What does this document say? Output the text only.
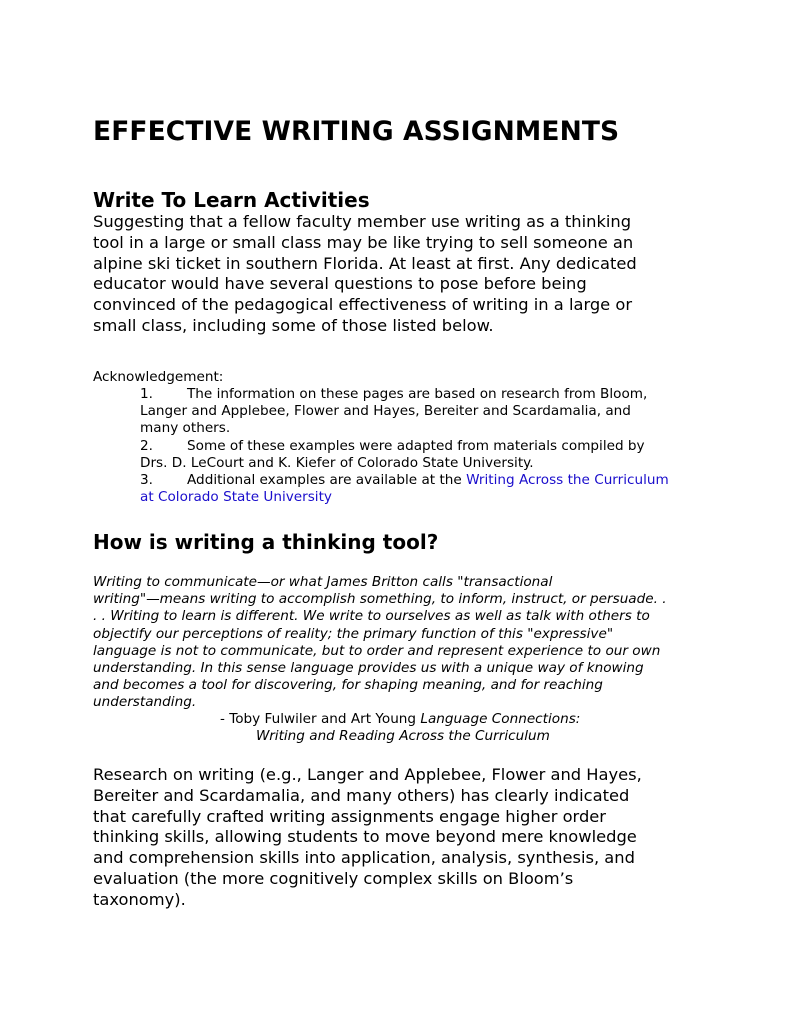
EFFECTIVE WRITING ASSIGNMENTS
Write To Learn Activities
Suggesting that a fellow faculty member use writing as a thinking
tool in a large or small class may be like trying to sell someone an
alpine ski ticket in southern Florida. At least at first. Any dedicated
educator would have several questions to pose before being
convinced of the pedagogical effectiveness of writing in a large or
small class, including some of those listed below.
Acknowledgement:
1.	The information on these pages are based on research from Bloom,
Langer and Applebee, Flower and Hayes, Bereiter and Scardamalia, and
many others.
2.	Some of these examples were adapted from materials compiled by
Drs. D. LeCourt and K. Kiefer of Colorado State University.
3.	Additional examples are available at the Writing Across the Curriculum
at Colorado State University
How is writing a thinking tool?
Writing to communicate—or what James Britton calls "transactional
writing"—means writing to accomplish something, to inform, instruct, or persuade. .
. . Writing to learn is different. We write to ourselves as well as talk with others to
objectify our perceptions of reality; the primary function of this "expressive"
language is not to communicate, but to order and represent experience to our own
understanding. In this sense language provides us with a unique way of knowing
and becomes a tool for discovering, for shaping meaning, and for reaching
understanding.
- Toby Fulwiler and Art Young Language Connections:
Writing and Reading Across the Curriculum
Research on writing (e.g., Langer and Applebee, Flower and Hayes,
Bereiter and Scardamalia, and many others) has clearly indicated
that carefully crafted writing assignments engage higher order
thinking skills, allowing students to move beyond mere knowledge
and comprehension skills into application, analysis, synthesis, and
evaluation (the more cognitively complex skills on Bloom’s
taxonomy).
